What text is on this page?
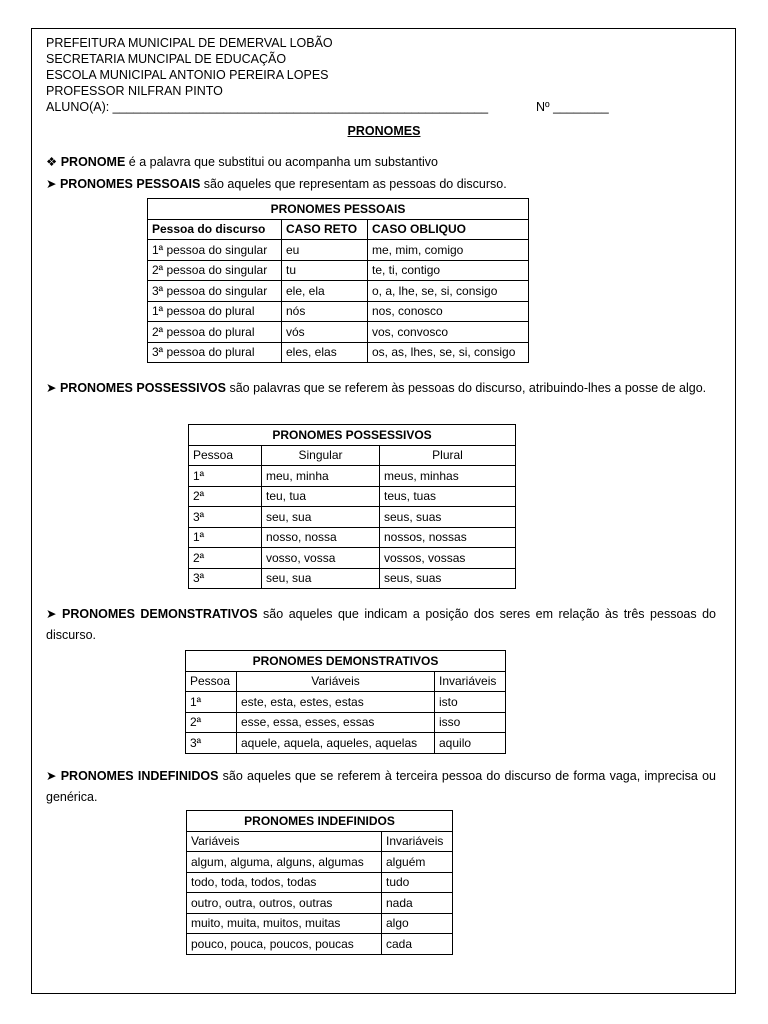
PREFEITURA MUNICIPAL DE DEMERVAL LOBÃO
SECRETARIA MUNCIPAL DE EDUCAÇÃO
ESCOLA MUNICIPAL ANTONIO PEREIRA LOPES
PROFESSOR NILFRAN PINTO
ALUNO(A): ______________________________________________________	Nº ________
PRONOMES
❖ PRONOME é a palavra que substitui ou acompanha um substantivo
➤ PRONOMES PESSOAIS são aqueles que representam as pessoas do discurso.
PRONOMES PESSOAIS		
Pessoa do discurso	CASO RETO	CASO OBLIQUO
1ª pessoa do singular	eu	me, mim, comigo
2ª pessoa do singular	tu	te, ti, contigo
3ª pessoa do singular	ele, ela	o, a, lhe, se, si, consigo
1ª pessoa do plural	nós	nos, conosco
2ª pessoa do plural	vós	vos, convosco
3ª pessoa do plural	eles, elas	os, as, lhes, se, si, consigo
➤ PRONOMES POSSESSIVOS são palavras que se referem às pessoas do discurso, atribuindo-lhes a posse de algo.
PRONOMES POSSESSIVOS		
Pessoa	Singular	Plural
1ª	meu, minha	meus, minhas
2ª	teu, tua	teus, tuas
3ª	seu, sua	seus, suas
1ª	nosso, nossa	nossos, nossas
2ª	vosso, vossa	vossos, vossas
3ª	seu, sua	seus, suas
➤ PRONOMES DEMONSTRATIVOS são aqueles que indicam a posição dos seres em relação às três pessoas do discurso.
PRONOMES DEMONSTRATIVOS		
Pessoa	Variáveis	Invariáveis
1ª	este, esta, estes, estas	isto
2ª	esse, essa, esses, essas	isso
3ª	aquele, aquela, aqueles, aquelas	aquilo
➤ PRONOMES INDEFINIDOS são aqueles que se referem à terceira pessoa do discurso de forma vaga, imprecisa ou genérica.
PRONOMES INDEFINIDOS	
Variáveis	Invariáveis
algum, alguma, alguns, algumas	alguém
todo, toda, todos, todas	tudo
outro, outra, outros, outras	nada
muito, muita, muitos, muitas	algo
pouco, pouca, poucos, poucas	cada
